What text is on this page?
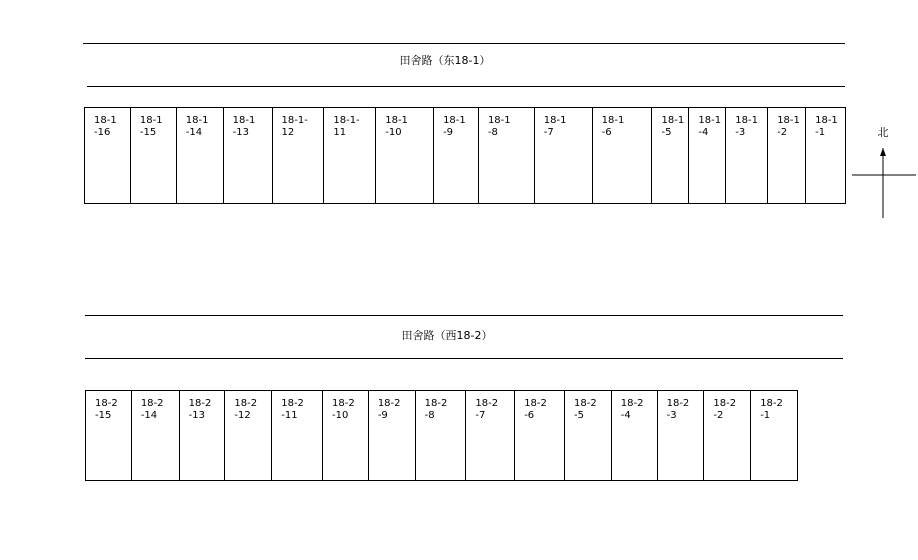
田舍路（东18-1）
18-1
-16
18-1
-15
18-1
-14
18-1
-13
18-1-
12
18-1-
11
18-1
-10
18-1
-9
18-1
-8
18-1
-7
18-1
-6
18-1
-5
18-1
-4
18-1
-3
18-1
-2
18-1
-1
田舍路（西18-2）
18-2
-15
18-2
-14
18-2
-13
18-2
-12
18-2
-11
18-2
-10
18-2
-9
18-2
-8
18-2
-7
18-2
-6
18-2
-5
18-2
-4
18-2
-3
18-2
-2
18-2
-1
北
